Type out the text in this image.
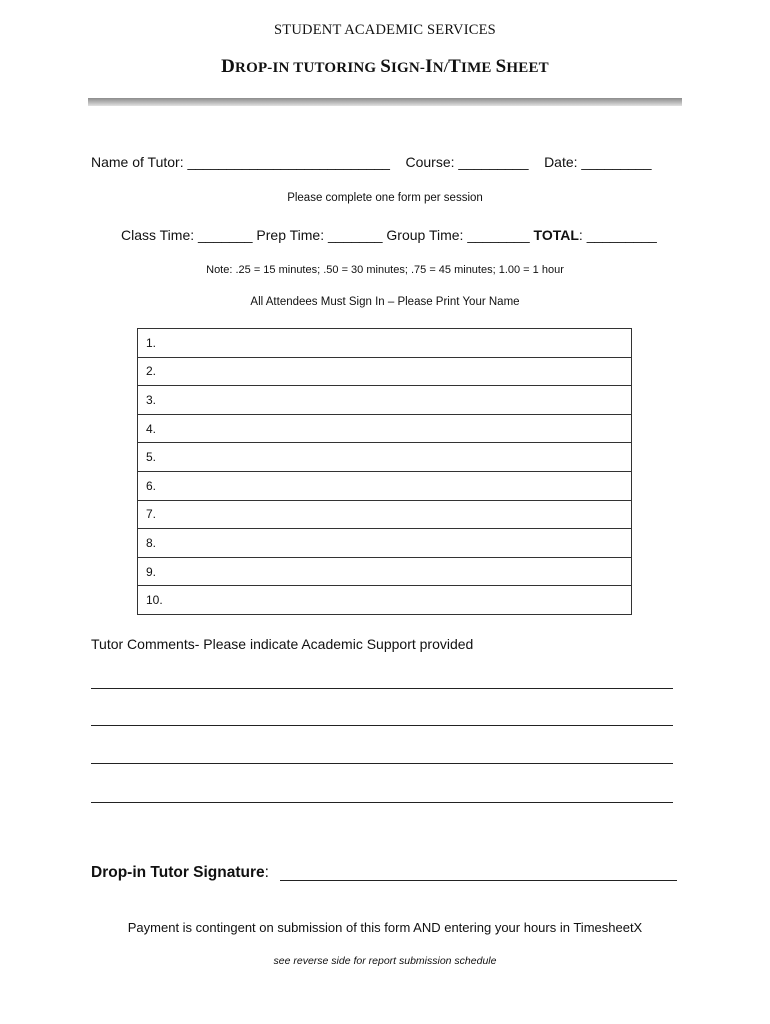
STUDENT ACADEMIC SERVICES
DROP-IN TUTORING SIGN-IN/TIME SHEET
Name of Tutor: __________________________ Course: _________ Date: _________
Please complete one form per session
Class Time: _______ Prep Time: _______ Group Time: ________ TOTAL: _________
Note: .25 = 15 minutes; .50 = 30 minutes; .75 = 45 minutes; 1.00 = 1 hour
All Attendees Must Sign In – Please Print Your Name
1.
2.
3.
4.
5.
6.
7.
8.
9.
10.
Tutor Comments- Please indicate Academic Support provided
Drop-in Tutor Signature:
Payment is contingent on submission of this form AND entering your hours in TimesheetX
see reverse side for report submission schedule
